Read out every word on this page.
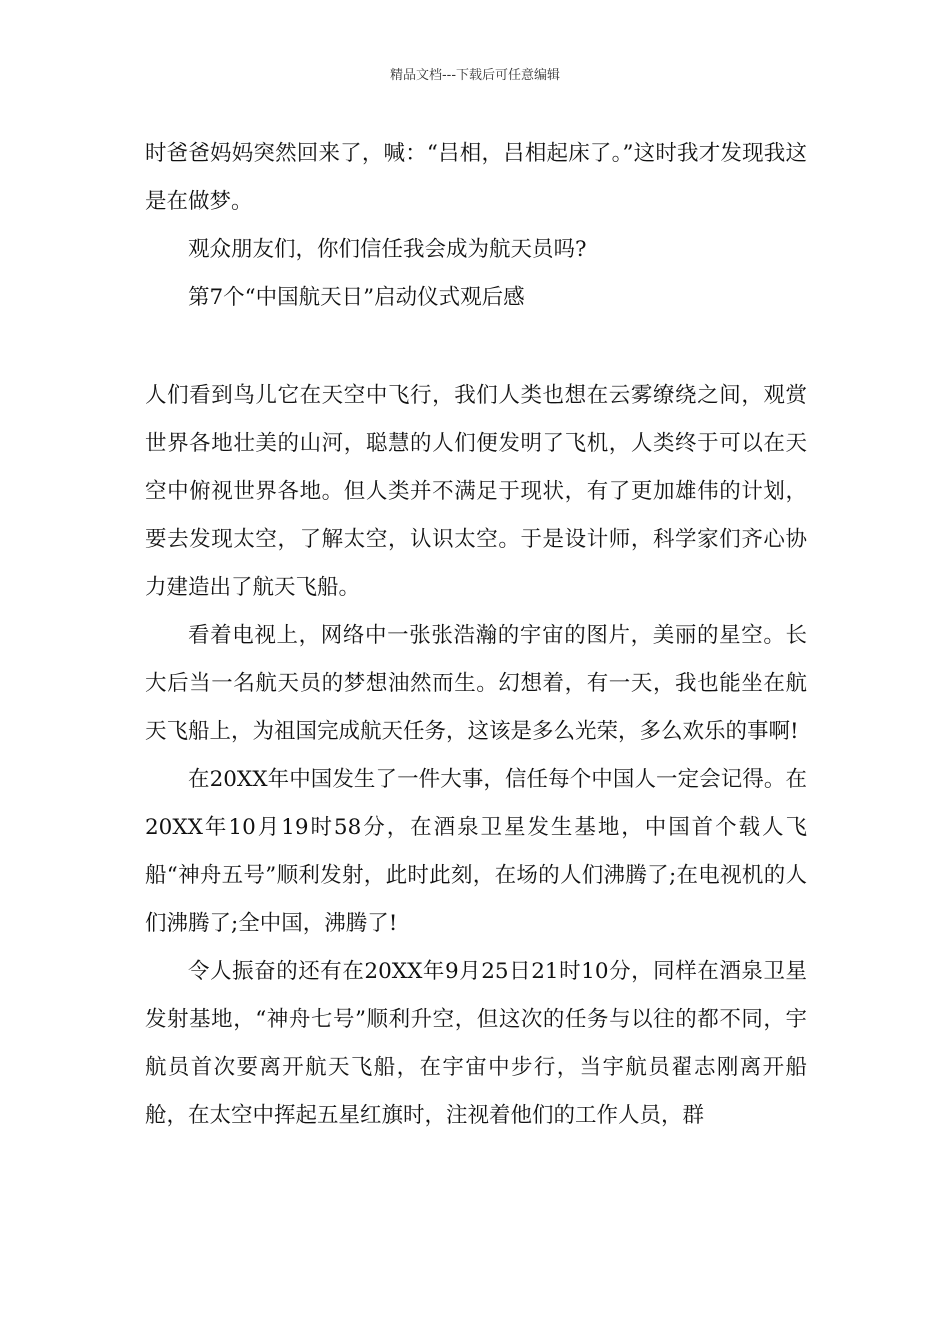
精品文档---下载后可任意编辑

时爸爸妈妈突然回来了，喊：“吕相，吕相起床了。”这时我才发现我这是在做梦。

观众朋友们，你们信任我会成为航天员吗?

第7个“中国航天日”启动仪式观后感

人们看到鸟儿它在天空中飞行，我们人类也想在云雾缭绕之间，观赏世界各地壮美的山河，聪慧的人们便发明了飞机，人类终于可以在天空中俯视世界各地。但人类并不满足于现状，有了更加雄伟的计划，要去发现太空，了解太空，认识太空。于是设计师，科学家们齐心协力建造出了航天飞船。

看着电视上，网络中一张张浩瀚的宇宙的图片，美丽的星空。长大后当一名航天员的梦想油然而生。幻想着，有一天，我也能坐在航天飞船上，为祖国完成航天任务，这该是多么光荣，多么欢乐的事啊!

在20XX年中国发生了一件大事，信任每个中国人一定会记得。在20XX年10月19时58分，在酒泉卫星发生基地，中国首个载人飞船“神舟五号”顺利发射，此时此刻，在场的人们沸腾了;在电视机的人们沸腾了;全中国，沸腾了!

令人振奋的还有在20XX年9月25日21时10分，同样在酒泉卫星发射基地，“神舟七号”顺利升空，但这次的任务与以往的都不同，宇航员首次要离开航天飞船，在宇宙中步行，当宇航员翟志刚离开船舱，在太空中挥起五星红旗时，注视着他们的工作人员，群
